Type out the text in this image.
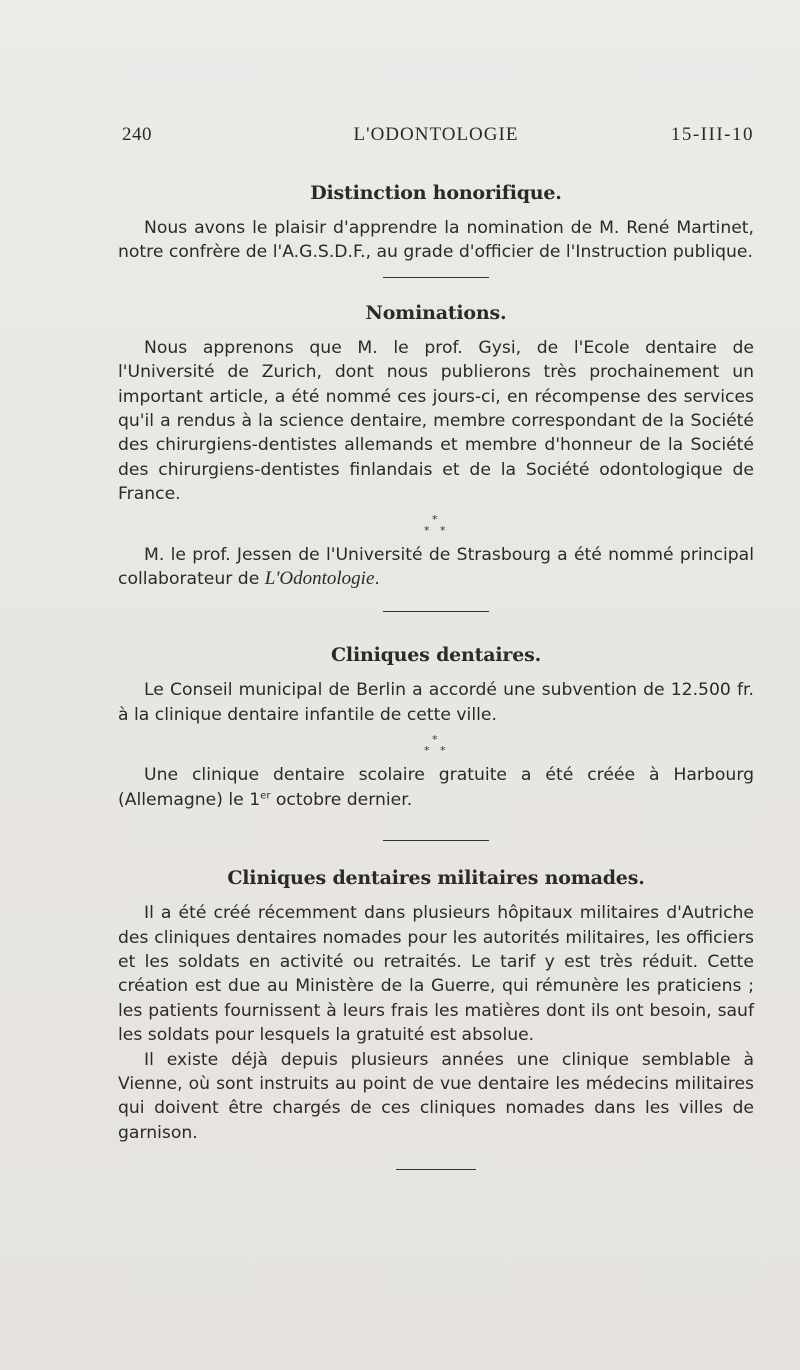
240	L'ODONTOLOGIE	15-III-10
Distinction honorifique.

Nous avons le plaisir d'apprendre la nomination de M. René Martinet, notre confrère de l'A.G.S.D.F., au grade d'officier de l'Instruction publique.

Nominations.

Nous apprenons que M. le prof. Gysi, de l'Ecole dentaire de l'Université de Zurich, dont nous publierons très prochainement un important article, a été nommé ces jours-ci, en récompense des services qu'il a rendus à la science dentaire, membre correspondant de la Société des chirurgiens-dentistes allemands et membre d'honneur de la Société des chirurgiens-dentistes finlandais et de la Société odontologique de France.

*
* *

M. le prof. Jessen de l'Université de Strasbourg a été nommé principal collaborateur de L'Odontologie.

Cliniques dentaires.

Le Conseil municipal de Berlin a accordé une subvention de 12.500 fr. à la clinique dentaire infantile de cette ville.

*
* *

Une clinique dentaire scolaire gratuite a été créée à Harbourg (Allemagne) le 1er octobre dernier.

Cliniques dentaires militaires nomades.

Il a été créé récemment dans plusieurs hôpitaux militaires d'Autriche des cliniques dentaires nomades pour les autorités militaires, les officiers et les soldats en activité ou retraités. Le tarif y est très réduit. Cette création est due au Ministère de la Guerre, qui rémunère les praticiens ; les patients fournissent à leurs frais les matières dont ils ont besoin, sauf les soldats pour lesquels la gratuité est absolue.

Il existe déjà depuis plusieurs années une clinique semblable à Vienne, où sont instruits au point de vue dentaire les médecins militaires qui doivent être chargés de ces cliniques nomades dans les villes de garnison.
